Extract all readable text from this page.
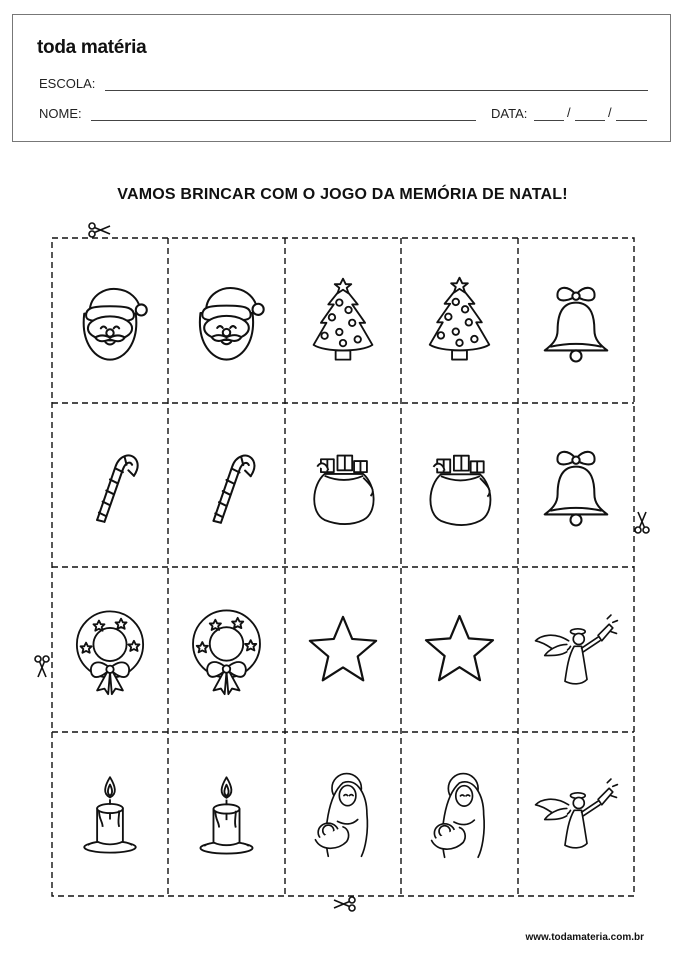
toda matéria
ESCOLA:
NOME:	DATA:	/	/
VAMOS BRINCAR COM O JOGO DA MEMÓRIA DE NATAL!
www.todamateria.com.br
